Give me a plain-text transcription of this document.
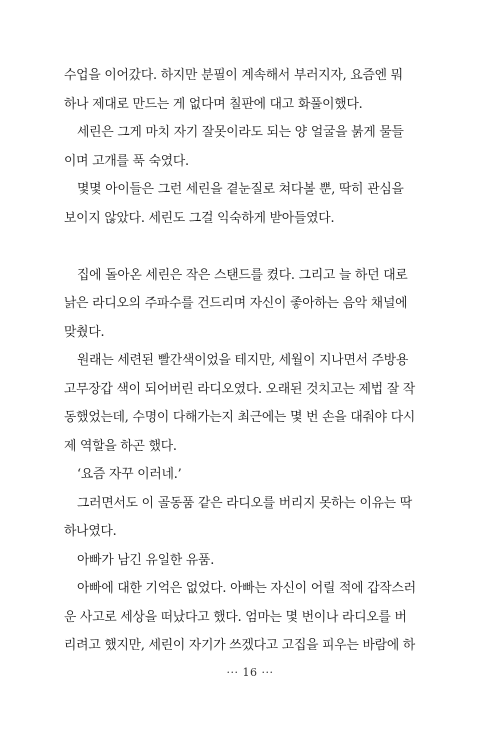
수업을 이어갔다. 하지만 분필이 계속해서 부러지자, 요즘엔 뭐
하나 제대로 만드는 게 없다며 칠판에 대고 화풀이했다.
세린은 그게 마치 자기 잘못이라도 되는 양 얼굴을 붉게 물들
이며 고개를 푹 숙였다.
몇몇 아이들은 그런 세린을 곁눈질로 쳐다볼 뿐, 딱히 관심을
보이지 않았다. 세린도 그걸 익숙하게 받아들였다.
집에 돌아온 세린은 작은 스탠드를 켰다. 그리고 늘 하던 대로
낡은 라디오의 주파수를 건드리며 자신이 좋아하는 음악 채널에
맞췄다.
원래는 세련된 빨간색이었을 테지만, 세월이 지나면서 주방용
고무장갑 색이 되어버린 라디오였다. 오래된 것치고는 제법 잘 작
동했었는데, 수명이 다해가는지 최근에는 몇 번 손을 대줘야 다시
제 역할을 하곤 했다.
‘요즘 자꾸 이러네.’
그러면서도 이 골동품 같은 라디오를 버리지 못하는 이유는 딱
하나였다.
아빠가 남긴 유일한 유품.
아빠에 대한 기억은 없었다. 아빠는 자신이 어릴 적에 갑작스러
운 사고로 세상을 떠났다고 했다. 엄마는 몇 번이나 라디오를 버
리려고 했지만, 세린이 자기가 쓰겠다고 고집을 피우는 바람에 하
··· 16 ···
